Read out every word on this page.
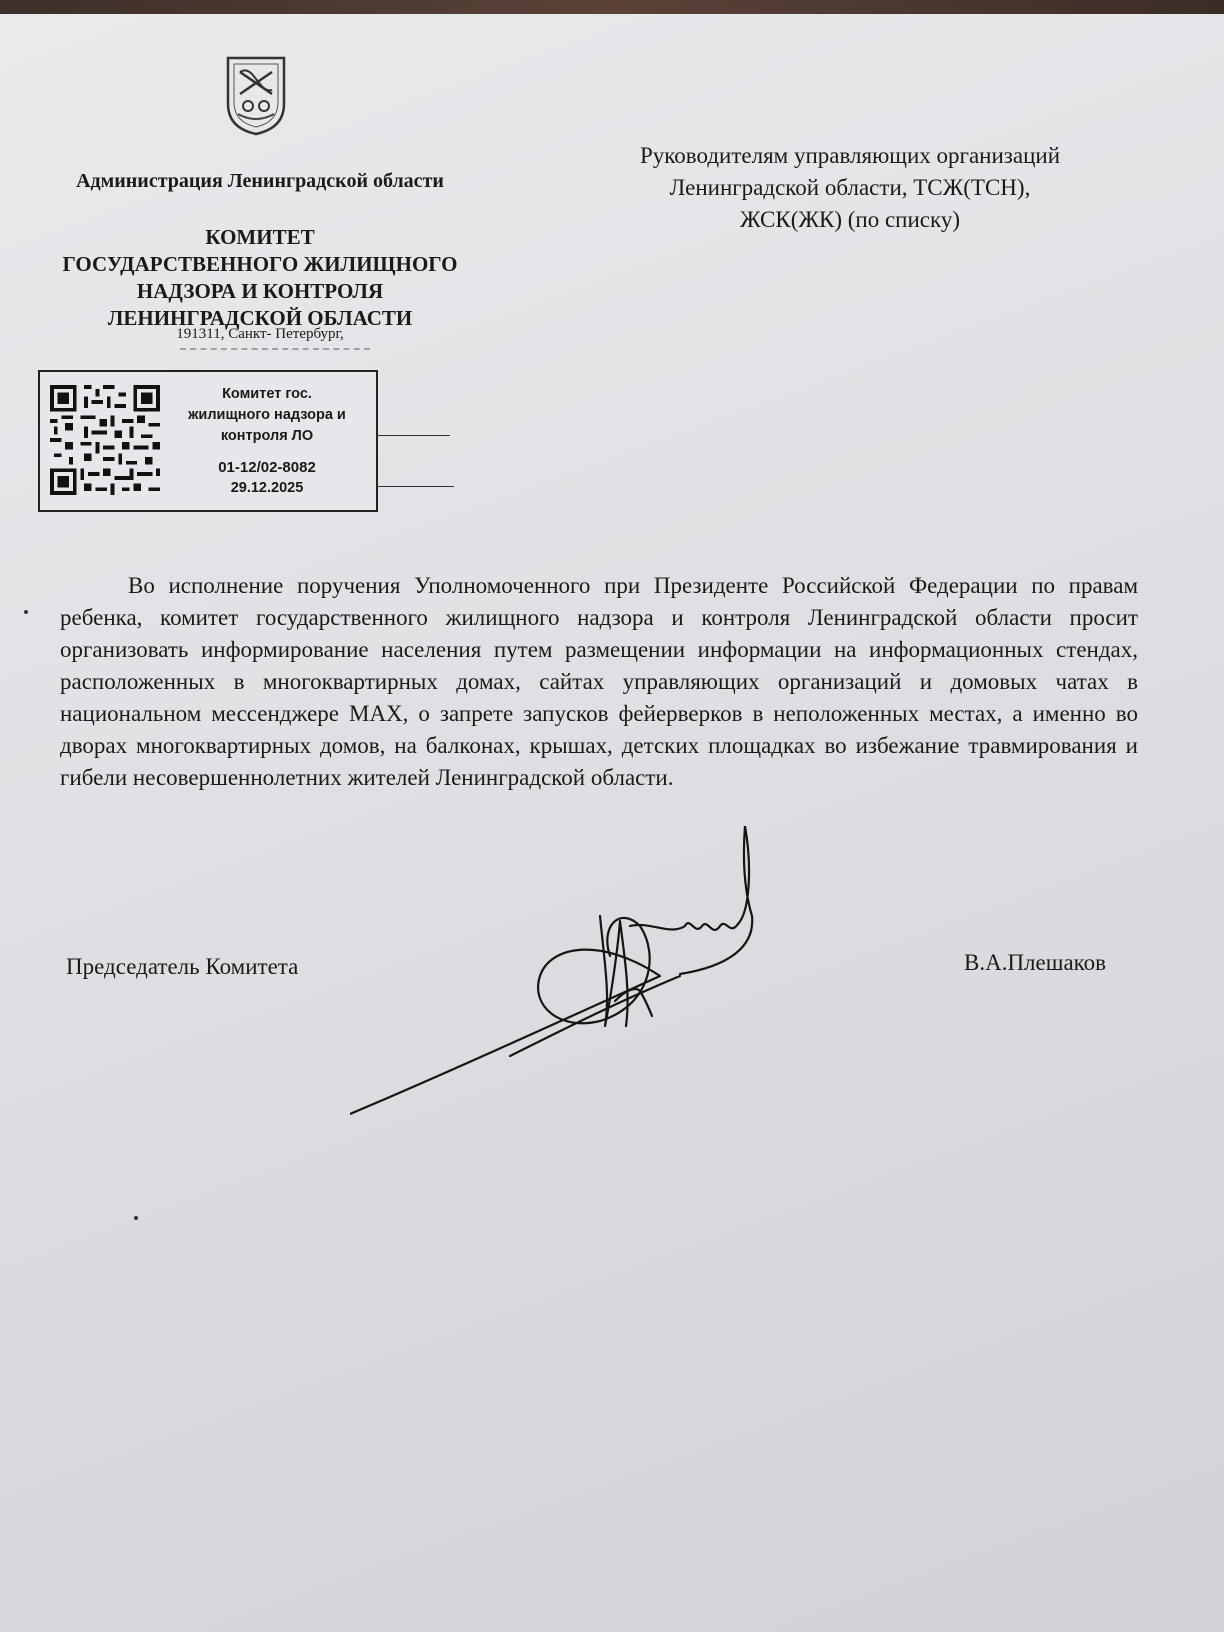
Администрация Ленинградской области
КОМИТЕТ
ГОСУДАРСТВЕННОГО ЖИЛИЩНОГО
НАДЗОРА И КОНТРОЛЯ
ЛЕНИНГРАДСКОЙ ОБЛАСТИ
191311, Санкт- Петербург,
Комитет гос.
жилищного надзора и
контроля ЛО
01-12/02-8082
29.12.2025
Руководителям управляющих организаций
Ленинградской области, ТСЖ(ТСН),
ЖСК(ЖК) (по списку)
Во исполнение поручения Уполномоченного при Президенте Российской Федерации по правам ребенка, комитет государственного жилищного надзора и контроля Ленинградской области просит организовать информирование населения путем размещении информации на информационных стендах, расположенных в многоквартирных домах, сайтах управляющих организаций и домовых чатах в национальном мессенджере МАХ, о запрете запусков фейерверков в неположенных местах, а именно во дворах многоквартирных домов, на балконах, крышах, детских площадках во избежание травмирования и гибели несовершеннолетних жителей Ленинградской области.
Председатель Комитета	В.А.Плешаков
